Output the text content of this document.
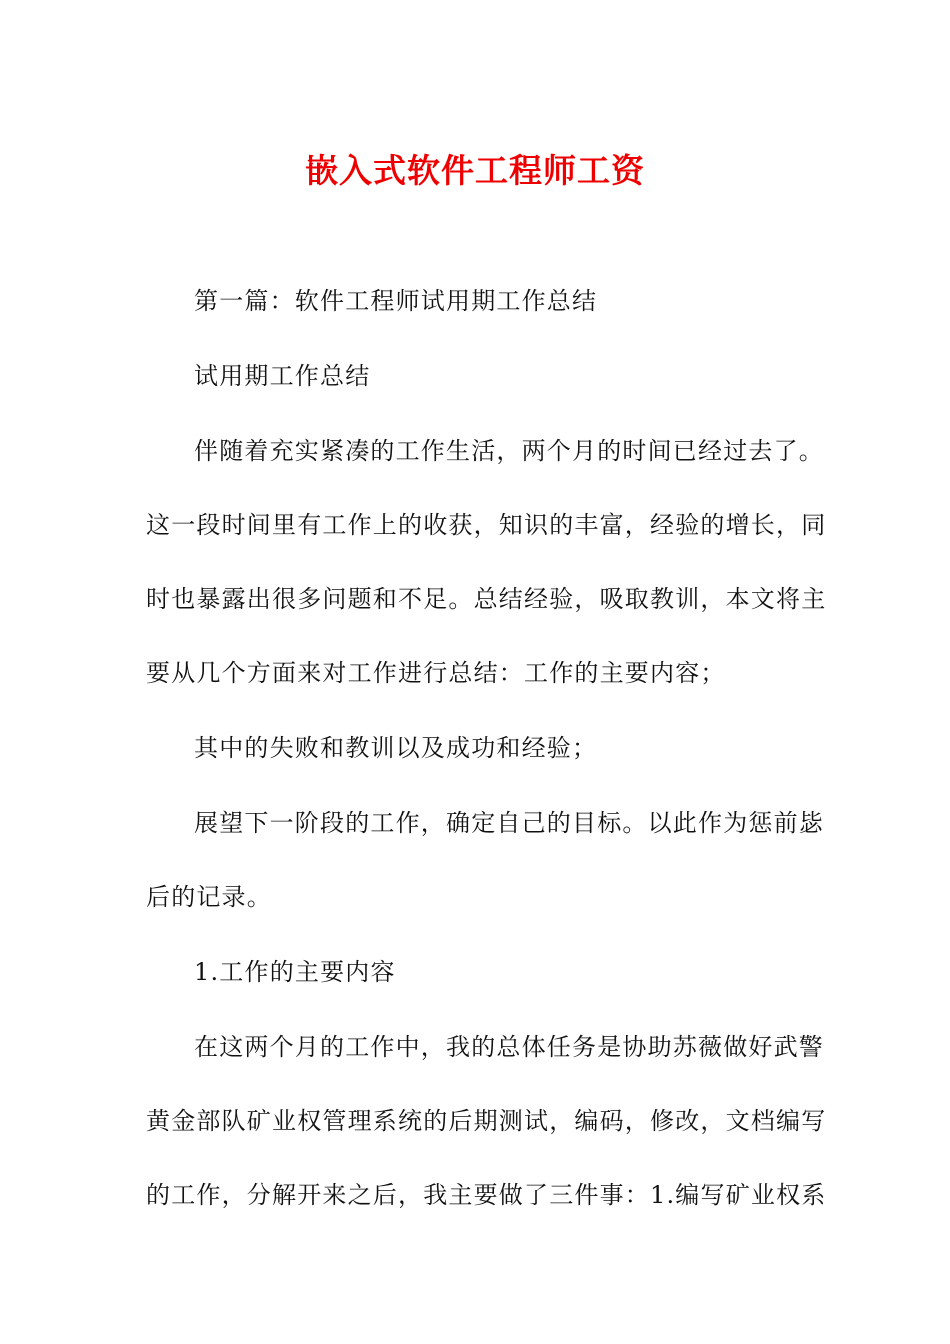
嵌入式软件工程师工资

第一篇：软件工程师试用期工作总结

试用期工作总结

伴随着充实紧凑的工作生活，两个月的时间已经过去了。

这一段时间里有工作上的收获，知识的丰富，经验的增长，同

时也暴露出很多问题和不足。总结经验，吸取教训，本文将主

要从几个方面来对工作进行总结：工作的主要内容；

其中的失败和教训以及成功和经验；

展望下一阶段的工作，确定自己的目标。以此作为惩前毖

后的记录。

1.工作的主要内容

在这两个月的工作中，我的总体任务是协助苏薇做好武警

黄金部队矿业权管理系统的后期测试，编码，修改，文档编写

的工作，分解开来之后，我主要做了三件事：1.编写矿业权系
